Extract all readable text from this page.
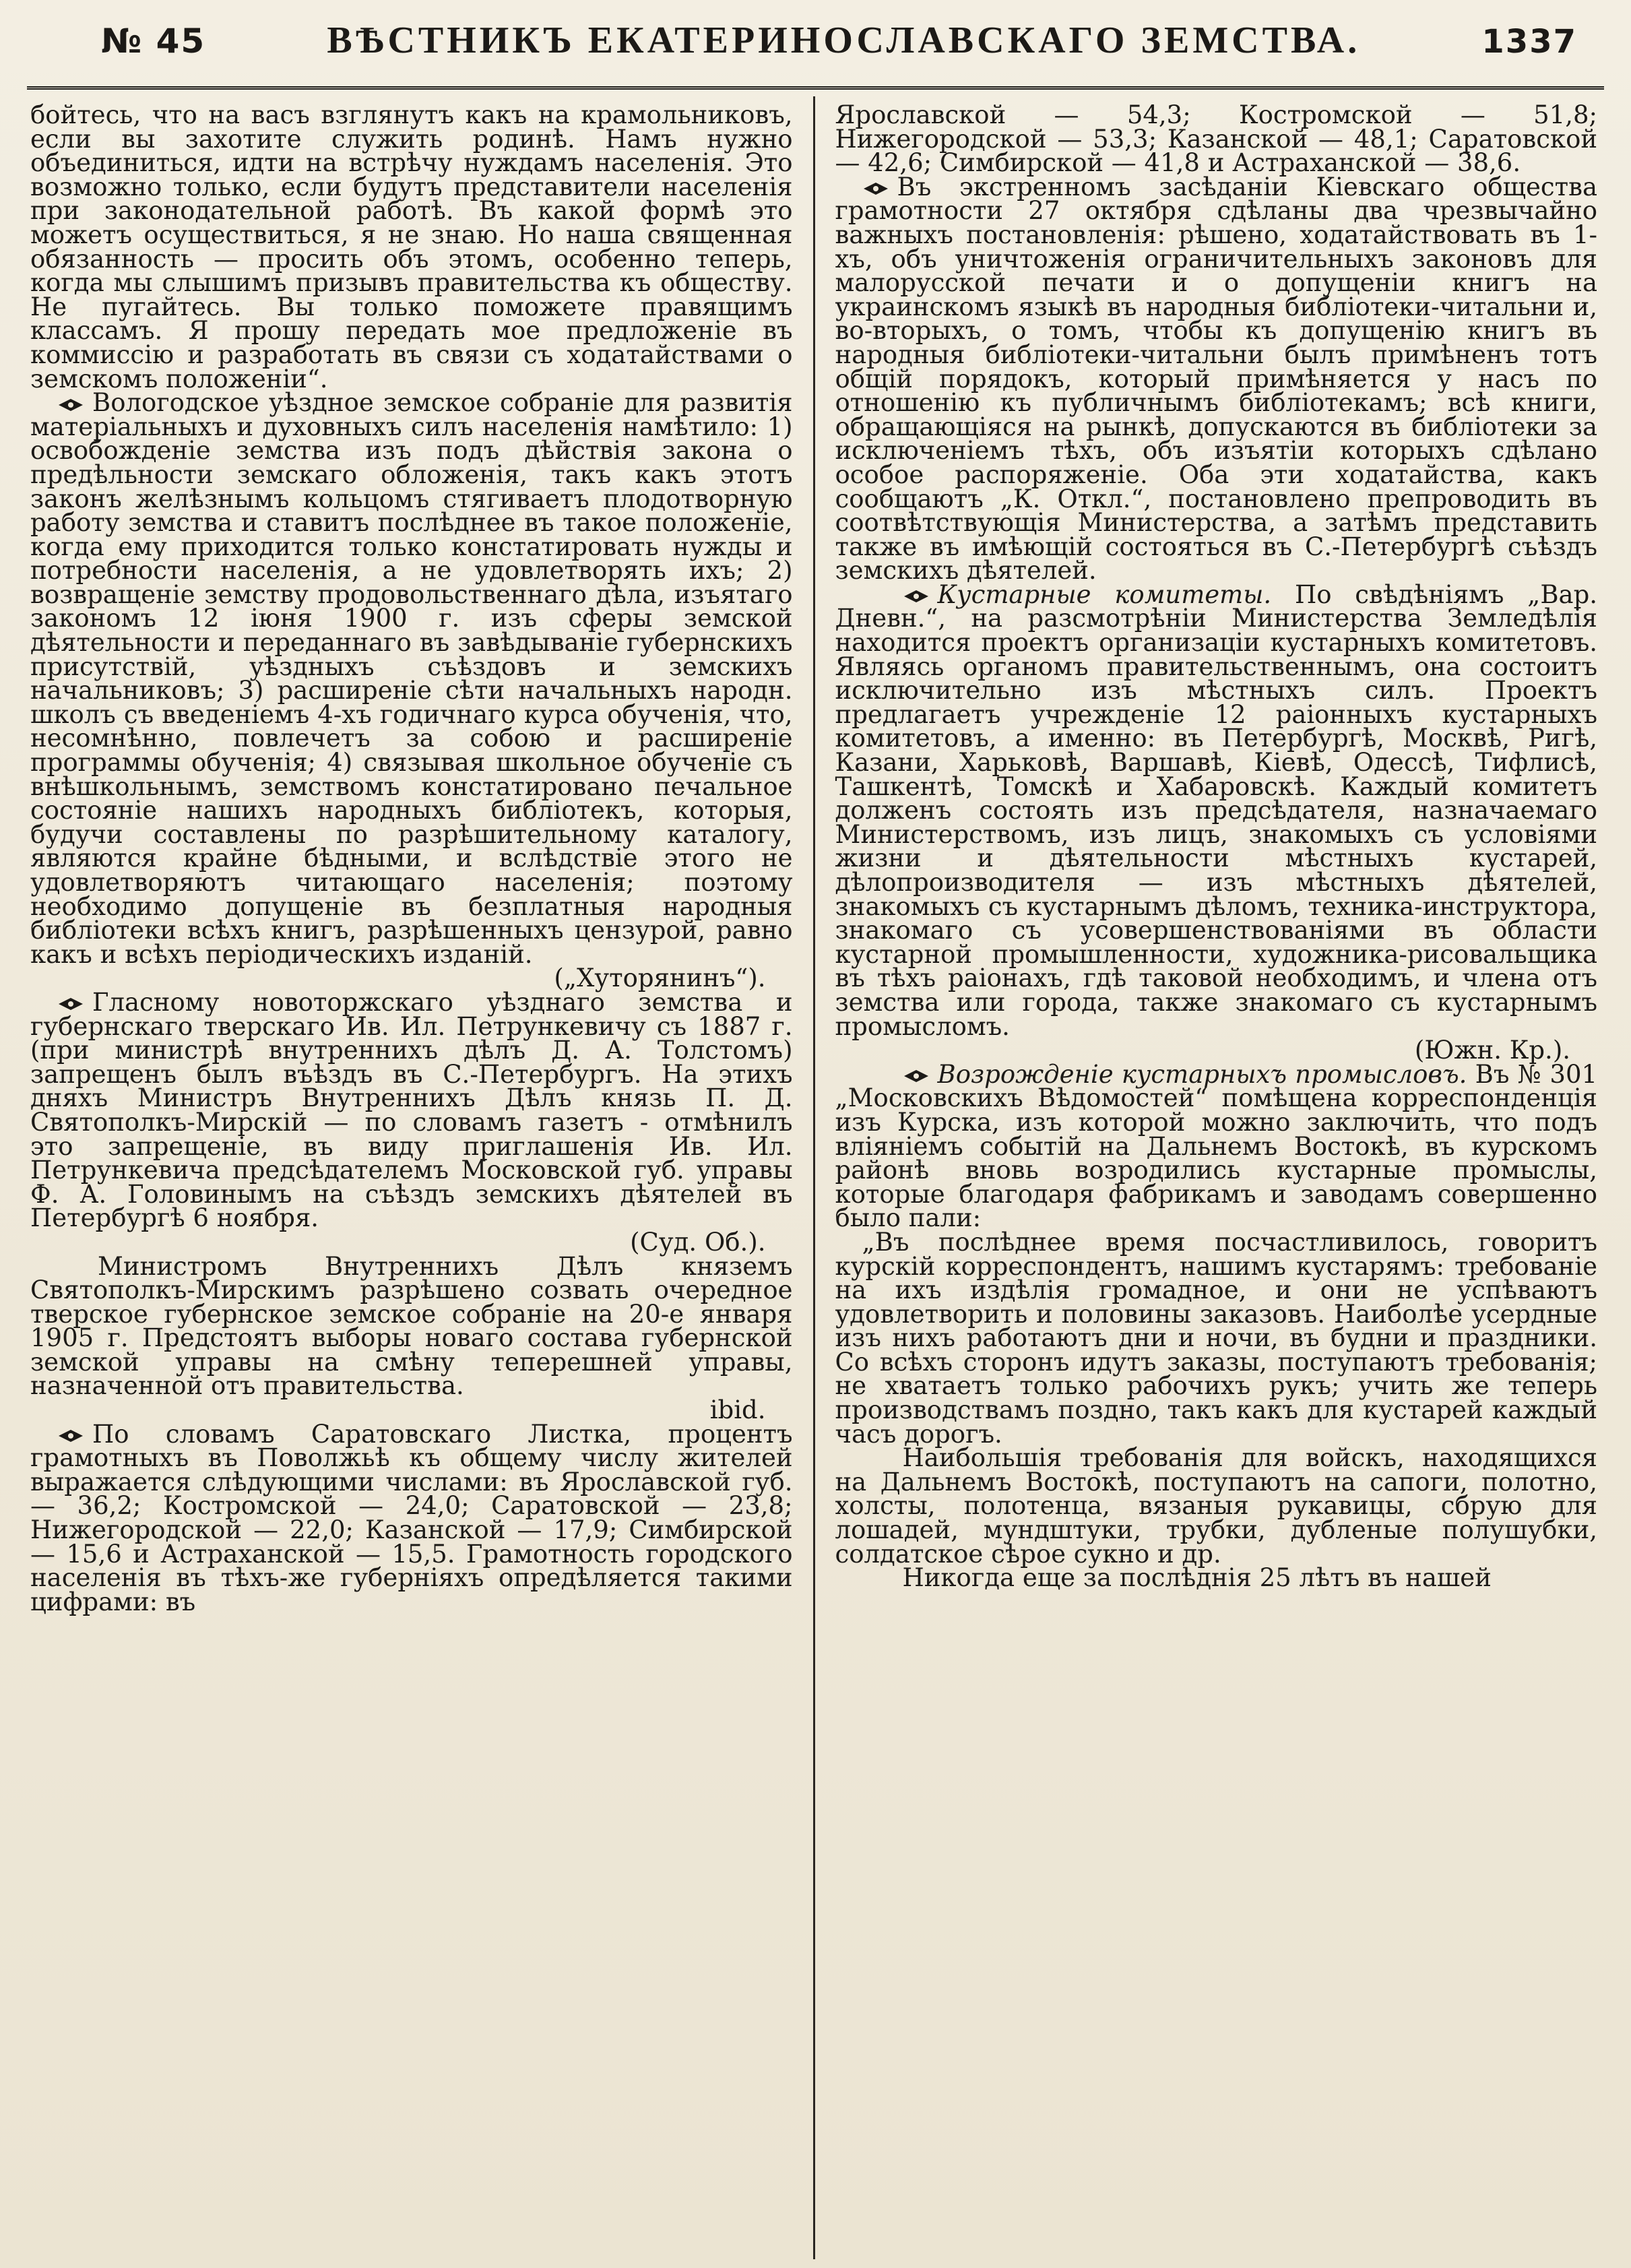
№ 45	ВѢСТНИКЪ ЕКАТЕРИНОСЛАВСКАГО ЗЕМСТВА.	1337

бойтесь, что на васъ взглянутъ какъ на крамольниковъ, если вы захотите служить родинѣ. Намъ нужно объединиться, идти на встрѣчу нуждамъ населенія. Это возможно только, если будутъ представители населенія при законодательной работѣ. Въ какой формѣ это можетъ осуществиться, я не знаю. Но наша священная обязанность — просить объ этомъ, особенно теперь, когда мы слышимъ призывъ правительства къ обществу. Не пугайтесь. Вы только поможете правящимъ классамъ. Я прошу передать мое предложеніе въ коммиссію и разработать въ связи съ ходатайствами о земскомъ положеніи“.

Вологодское уѣздное земское собраніе для развитія матеріальныхъ и духовныхъ силъ населенія намѣтило: 1) освобожденіе земства изъ подъ дѣйствія закона о предѣльности земскаго обложенія, такъ какъ этотъ законъ желѣзнымъ кольцомъ стягиваетъ плодотворную работу земства и ставитъ послѣднее въ такое положеніе, когда ему приходится только констатировать нужды и потребности населенія, а не удовлетворять ихъ; 2) возвращеніе земству продовольственнаго дѣла, изъятаго закономъ 12 іюня 1900 г. изъ сферы земской дѣятельности и переданнаго въ завѣдываніе губернскихъ присутствій, уѣздныхъ съѣздовъ и земскихъ начальниковъ; 3) расширеніе сѣти начальныхъ народн. школъ съ введеніемъ 4-хъ годичнаго курса обученія, что, несомнѣнно, повлечетъ за собою и расширеніе программы обученія; 4) связывая школьное обученіе съ внѣшкольнымъ, земствомъ констатировано печальное состояніе нашихъ народныхъ библіотекъ, которыя, будучи составлены по разрѣшительному каталогу, являются крайне бѣдными, и вслѣдствіе этого не удовлетворяютъ читающаго населенія; поэтому необходимо допущеніе въ безплатныя народныя библіотеки всѣхъ книгъ, разрѣшенныхъ цензурой, равно какъ и всѣхъ періодическихъ изданій.
(„Хуторянинъ“).

Гласному новоторжскаго уѣзднаго земства и губернскаго тверскаго Ив. Ил. Петрункевичу съ 1887 г. (при министрѣ внутреннихъ дѣлъ Д. А. Толстомъ) запрещенъ былъ въѣздъ въ С.-Петербургъ. На этихъ дняхъ Министръ Внутреннихъ Дѣлъ князь П. Д. Святополкъ-Мирскій — по словамъ газетъ - отмѣнилъ это запрещеніе, въ виду приглашенія Ив. Ил. Петрункевича предсѣдателемъ Московской губ. управы Ф. А. Головинымъ на съѣздъ земскихъ дѣятелей въ Петербургѣ 6 ноября.
(Суд. Об.).

Министромъ Внутреннихъ Дѣлъ княземъ Святополкъ-Мирскимъ разрѣшено созвать очередное тверское губернское земское собраніе на 20-е января 1905 г. Предстоятъ выборы новаго состава губернской земской управы на смѣну теперешней управы, назначенной отъ правительства.
ibid.

По словамъ Саратовскаго Листка, процентъ грамотныхъ въ Поволжьѣ къ общему числу жителей выражается слѣдующими числами: въ Ярославской губ. — 36,2; Костромской — 24,0; Саратовской — 23,8; Нижегородской — 22,0; Казанской — 17,9; Симбирской — 15,6 и Астраханской — 15,5. Грамотность городского населенія въ тѣхъ-же губерніяхъ опредѣляется такими цифрами: въ

Ярославской — 54,3; Костромской — 51,8; Нижегородской — 53,3; Казанской — 48,1; Саратовской — 42,6; Симбирской — 41,8 и Астраханской — 38,6.

Въ экстренномъ засѣданіи Кіевскаго общества грамотности 27 октября сдѣланы два чрезвычайно важныхъ постановленія: рѣшено, ходатайствовать въ 1-хъ, объ уничтоженія ограничительныхъ законовъ для малорусской печати и о допущеніи книгъ на украинскомъ языкѣ въ народныя библіотеки-читальни и, во-вторыхъ, о томъ, чтобы къ допущенію книгъ въ народныя библіотеки-читальни былъ примѣненъ тотъ общій порядокъ, который примѣняется у насъ по отношенію къ публичнымъ библіотекамъ; всѣ книги, обращающіяся на рынкѣ, допускаются въ библіотеки за исключеніемъ тѣхъ, объ изъятіи которыхъ сдѣлано особое распоряженіе. Оба эти ходатайства, какъ сообщаютъ „К. Откл.“, постановлено препроводить въ соотвѣтствующія Министерства, а затѣмъ представить также въ имѣющій состояться въ С.-Петербургѣ съѣздъ земскихъ дѣятелей.

Кустарные комитеты. По свѣдѣніямъ „Вар. Дневн.“, на разсмотрѣніи Министерства Земледѣлія находится проектъ организаціи кустарныхъ комитетовъ. Являясь органомъ правительственнымъ, она состоитъ исключительно изъ мѣстныхъ силъ. Проектъ предлагаетъ учрежденіе 12 раіонныхъ кустарныхъ комитетовъ, а именно: въ Петербургѣ, Москвѣ, Ригѣ, Казани, Харьковѣ, Варшавѣ, Кіевѣ, Одессѣ, Тифлисѣ, Ташкентѣ, Томскѣ и Хабаровскѣ. Каждый комитетъ долженъ состоять изъ предсѣдателя, назначаемаго Министерствомъ, изъ лицъ, знакомыхъ съ условіями жизни и дѣятельности мѣстныхъ кустарей, дѣлопроизводителя — изъ мѣстныхъ дѣятелей, знакомыхъ съ кустарнымъ дѣломъ, техника-инструктора, знакомаго съ усовершенствованіями въ области кустарной промышленности, художника-рисовальщика въ тѣхъ раіонахъ, гдѣ таковой необходимъ, и члена отъ земства или города, также знакомаго съ кустарнымъ промысломъ.
(Южн. Кр.).

Возрожденіе кустарныхъ промысловъ. Въ № 301 „Московскихъ Вѣдомостей“ помѣщена корреспонденція изъ Курска, изъ которой можно заключить, что подъ вліяніемъ событій на Дальнемъ Востокѣ, въ курскомъ районѣ вновь возродились кустарные промыслы, которые благодаря фабрикамъ и заводамъ совершенно было пали:

„Въ послѣднее время посчастливилось, говоритъ курскій корреспондентъ, нашимъ кустарямъ: требованіе на ихъ издѣлія громадное, и они не успѣваютъ удовлетворить и половины заказовъ. Наиболѣе усердные изъ нихъ работаютъ дни и ночи, въ будни и праздники. Со всѣхъ сторонъ идутъ заказы, поступаютъ требованія; не хватаетъ только рабочихъ рукъ; учить же теперь производствамъ поздно, такъ какъ для кустарей каждый часъ дорогъ.

Наибольшія требованія для войскъ, находящихся на Дальнемъ Востокѣ, поступаютъ на сапоги, полотно, холсты, полотенца, вязаныя рукавицы, сбрую для лошадей, мундштуки, трубки, дубленые полушубки, солдатское сѣрое сукно и др.

Никогда еще за послѣднія 25 лѣтъ въ нашей
